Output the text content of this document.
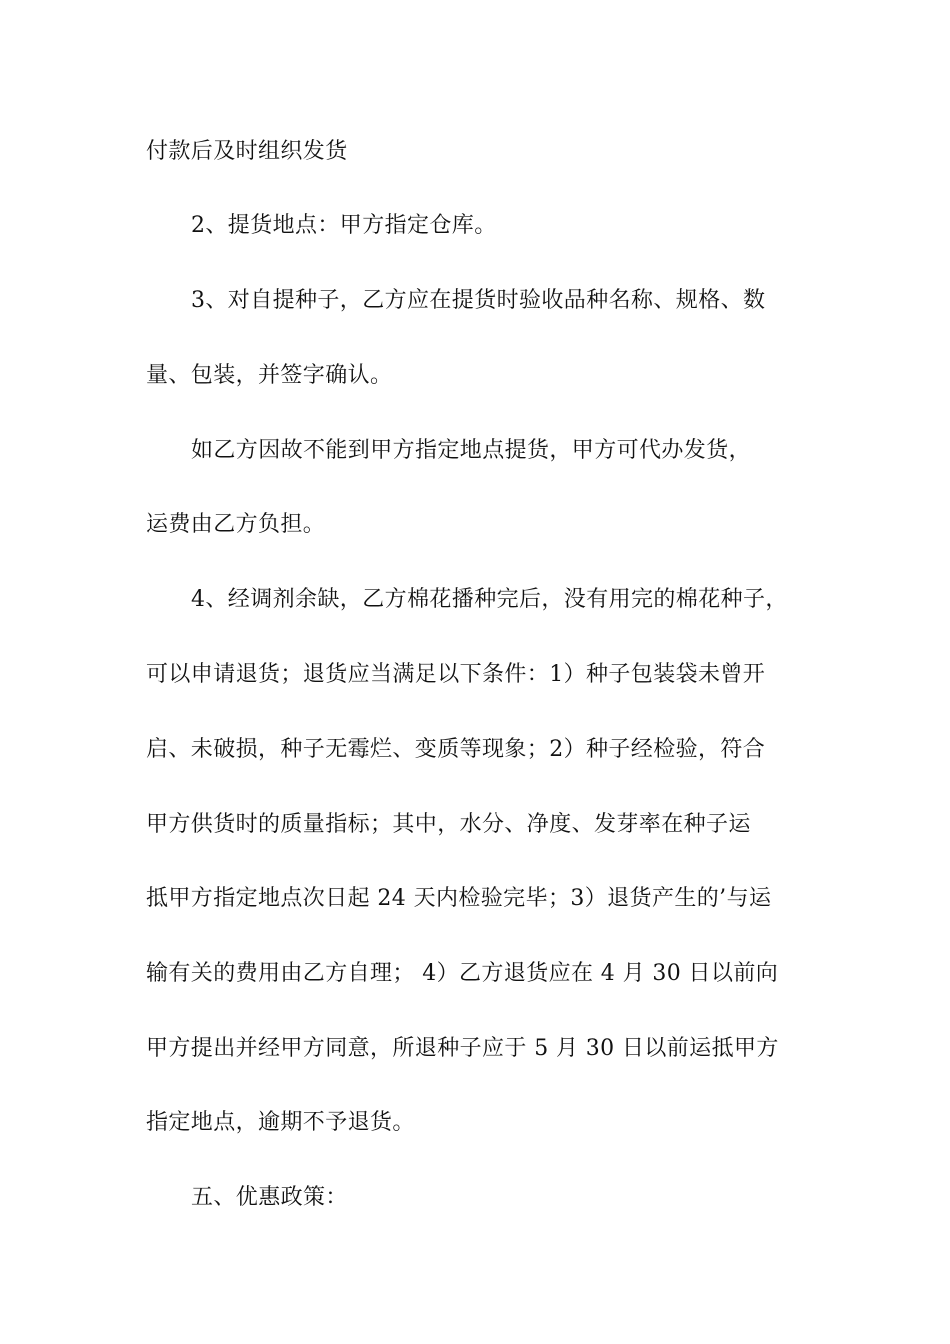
付款后及时组织发货
2、提货地点：甲方指定仓库。
3、对自提种子，乙方应在提货时验收品种名称、规格、数
量、包装，并签字确认。
如乙方因故不能到甲方指定地点提货，甲方可代办发货，
运费由乙方负担。
4、经调剂余缺，乙方棉花播种完后，没有用完的棉花种子，
可以申请退货；退货应当满足以下条件：1）种子包装袋未曾开
启、未破损，种子无霉烂、变质等现象；2）种子经检验，符合
甲方供货时的质量指标；其中，水分、净度、发芽率在种子运
抵甲方指定地点次日起 24 天内检验完毕；3）退货产生的’与运
输有关的费用由乙方自理； 4）乙方退货应在 4 月 30 日以前向
甲方提出并经甲方同意，所退种子应于 5 月 30 日以前运抵甲方
指定地点，逾期不予退货。
五、优惠政策：
